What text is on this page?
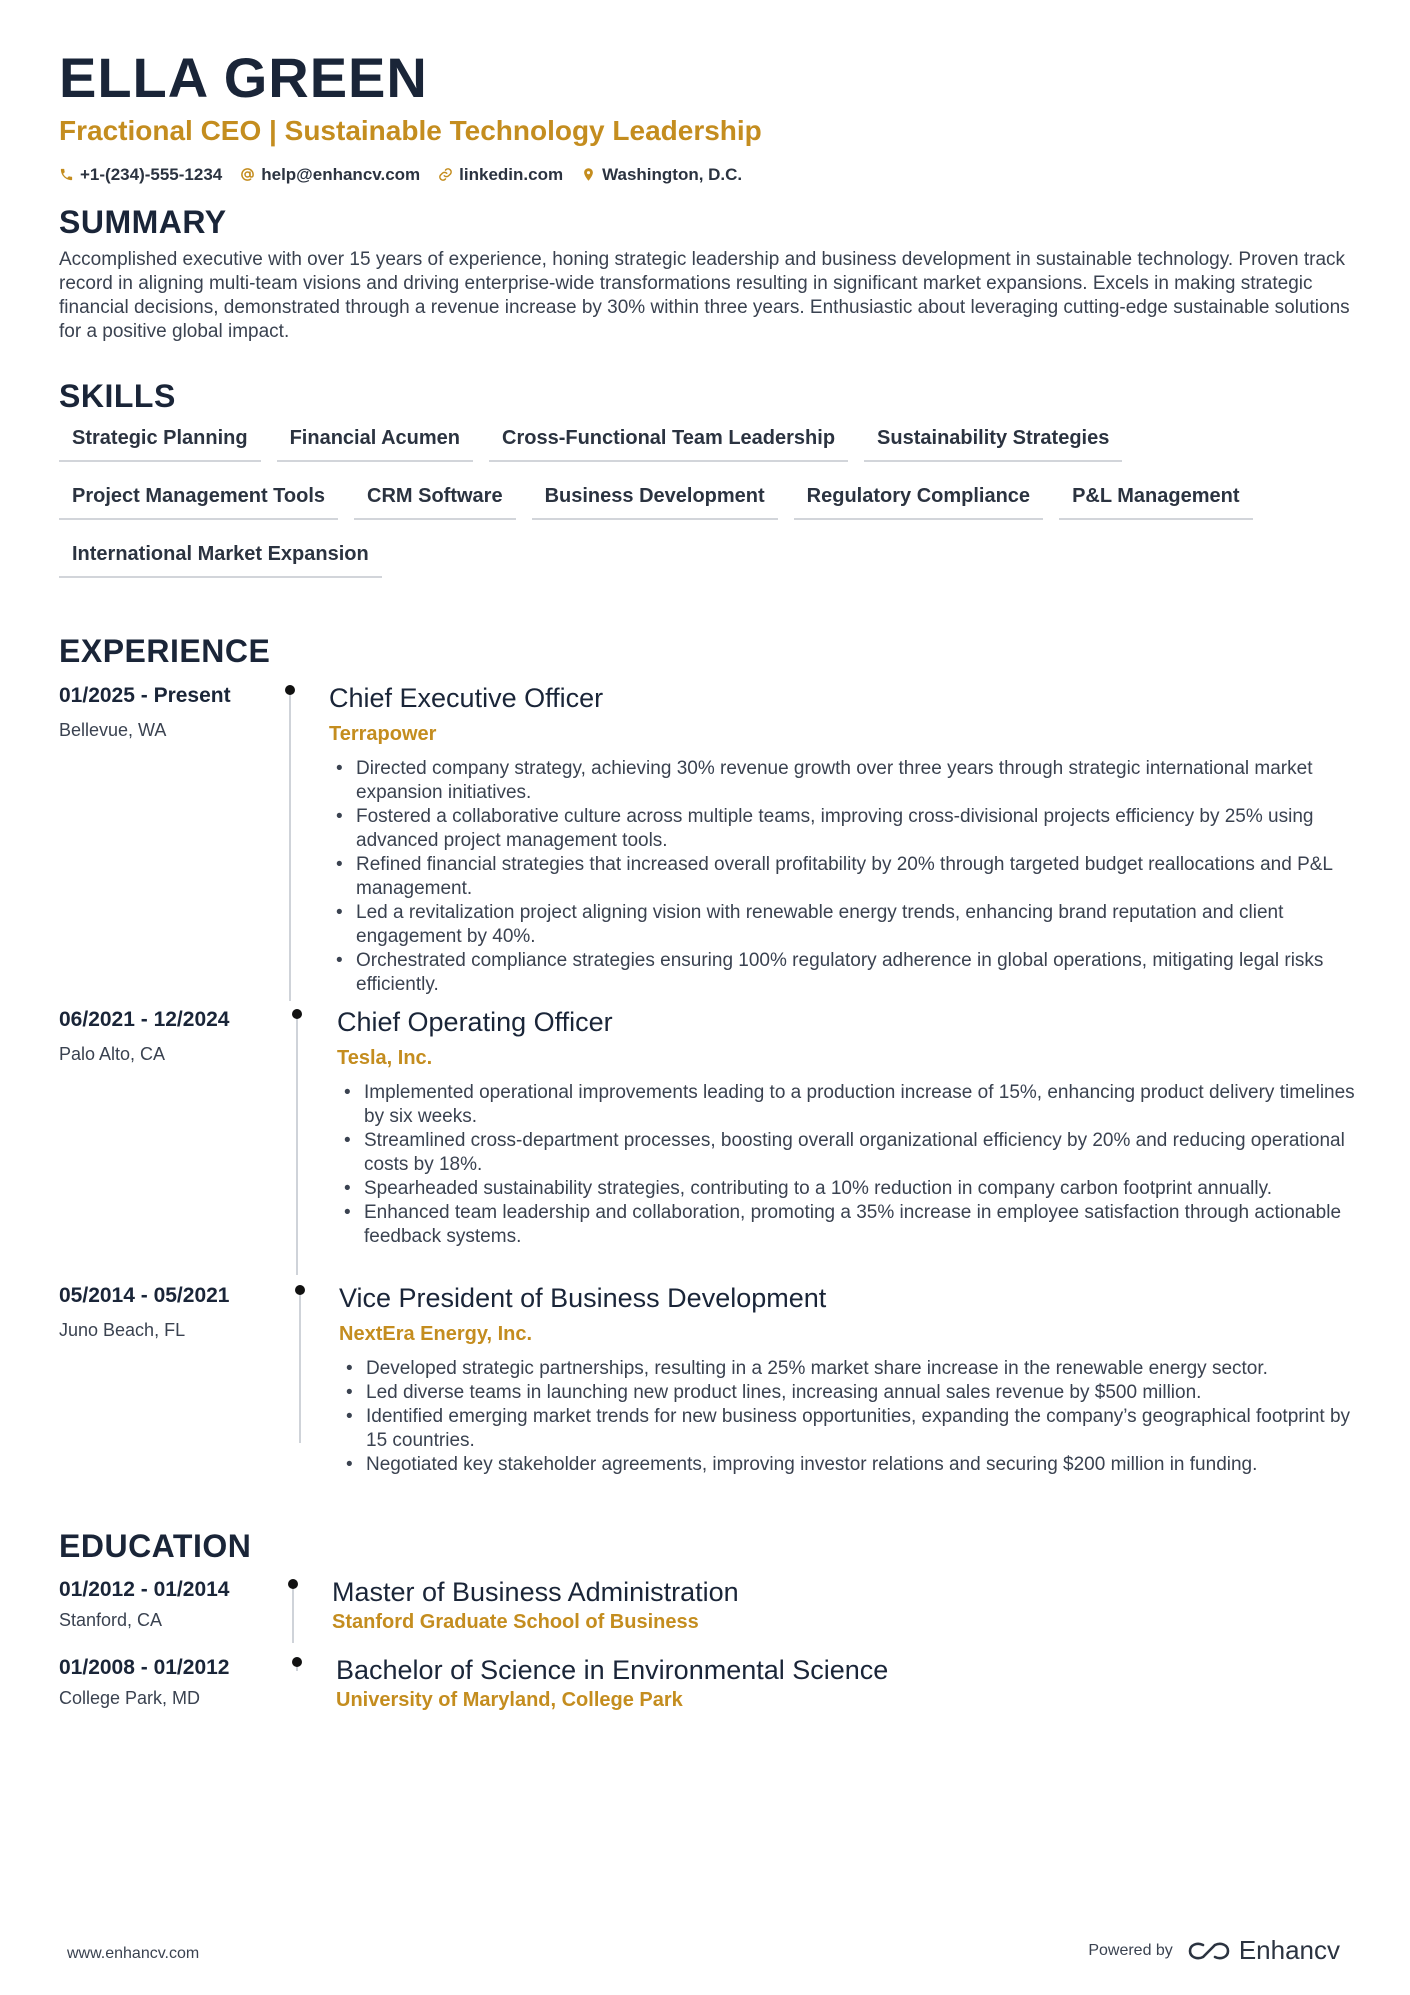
ELLA GREEN
Fractional CEO | Sustainable Technology Leadership
+1-(234)-555-1234 help@enhancv.com linkedin.com Washington, D.C.
SUMMARY
Accomplished executive with over 15 years of experience, honing strategic leadership and business development in sustainable technology. Proven track record in aligning multi-team visions and driving enterprise-wide transformations resulting in significant market expansions. Excels in making strategic financial decisions, demonstrated through a revenue increase by 30% within three years. Enthusiastic about leveraging cutting-edge sustainable solutions for a positive global impact.
SKILLS
Strategic Planning	Financial Acumen	Cross-Functional Team Leadership	Sustainability Strategies
Project Management Tools	CRM Software	Business Development	Regulatory Compliance	P&L Management
International Market Expansion
EXPERIENCE
01/2025 - Present
Bellevue, WA
Chief Executive Officer
Terrapower
• Directed company strategy, achieving 30% revenue growth over three years through strategic international market expansion initiatives.
• Fostered a collaborative culture across multiple teams, improving cross-divisional projects efficiency by 25% using advanced project management tools.
• Refined financial strategies that increased overall profitability by 20% through targeted budget reallocations and P&L management.
• Led a revitalization project aligning vision with renewable energy trends, enhancing brand reputation and client engagement by 40%.
• Orchestrated compliance strategies ensuring 100% regulatory adherence in global operations, mitigating legal risks efficiently.
06/2021 - 12/2024
Palo Alto, CA
Chief Operating Officer
Tesla, Inc.
• Implemented operational improvements leading to a production increase of 15%, enhancing product delivery timelines by six weeks.
• Streamlined cross-department processes, boosting overall organizational efficiency by 20% and reducing operational costs by 18%.
• Spearheaded sustainability strategies, contributing to a 10% reduction in company carbon footprint annually.
• Enhanced team leadership and collaboration, promoting a 35% increase in employee satisfaction through actionable feedback systems.
05/2014 - 05/2021
Juno Beach, FL
Vice President of Business Development
NextEra Energy, Inc.
• Developed strategic partnerships, resulting in a 25% market share increase in the renewable energy sector.
• Led diverse teams in launching new product lines, increasing annual sales revenue by $500 million.
• Identified emerging market trends for new business opportunities, expanding the company’s geographical footprint by 15 countries.
• Negotiated key stakeholder agreements, improving investor relations and securing $200 million in funding.
EDUCATION
01/2012 - 01/2014
Stanford, CA
Master of Business Administration
Stanford Graduate School of Business
01/2008 - 01/2012
College Park, MD
Bachelor of Science in Environmental Science
University of Maryland, College Park
www.enhancv.com	Powered by	Enhancv
